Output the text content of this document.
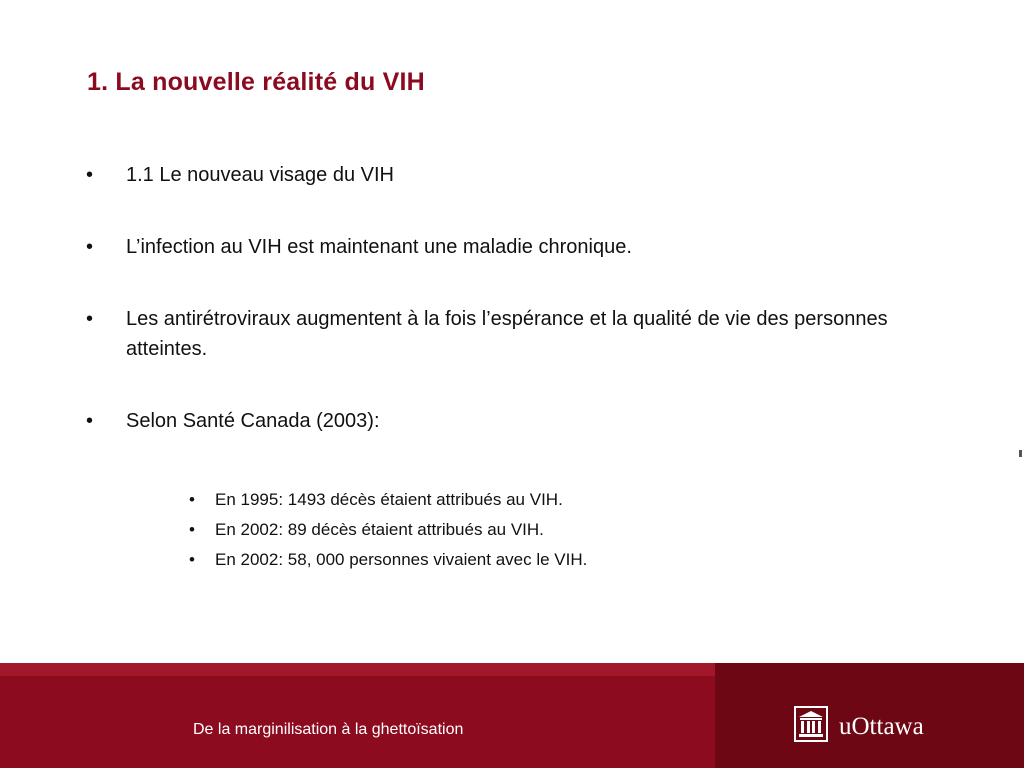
1. La nouvelle réalité du VIH
• 1.1 Le nouveau visage du VIH
• L’infection au VIH est maintenant une maladie chronique.
• Les antirétroviraux augmentent à la fois l’espérance et la qualité de vie des personnes atteintes.
• Selon Santé Canada (2003):
• En 1995: 1493 décès étaient attribués au VIH.
• En 2002: 89 décès étaient attribués au VIH.
• En 2002: 58, 000 personnes vivaient avec le VIH.
De la marginilisation à la ghettoïsation	uOttawa
